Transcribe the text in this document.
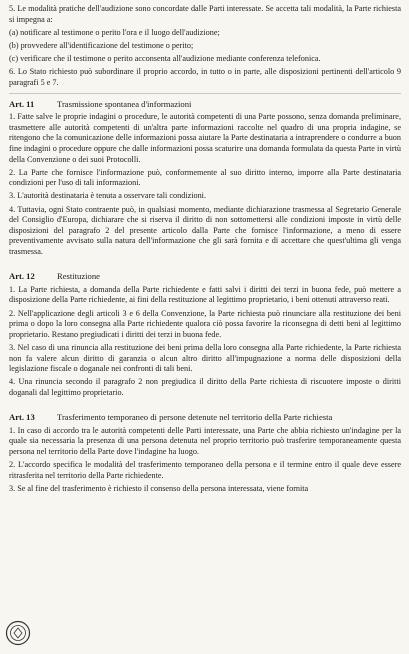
5. Le modalità pratiche dell'audizione sono concordate dalle Parti interessate. Se accetta tali modalità, la Parte richiesta si impegna a:

(a) notificare al testimone o perito l'ora e il luogo dell'audizione;

(b) provvedere all'identificazione del testimone o perito;

(c) verificare che il testimone o perito acconsenta all'audizione mediante conferenza telefonica.

6. Lo Stato richiesto può subordinare il proprio accordo, in tutto o in parte, alle disposizioni pertinenti dell'articolo 9 paragrafi 5 e 7.

Art. 11	Trasmissione spontanea d'informazioni

1. Fatte salve le proprie indagini o procedure, le autorità competenti di una Parte possono, senza domanda preliminare, trasmettere alle autorità competenti di un'altra parte informazioni raccolte nel quadro di una propria indagine, se ritengono che la comunicazione delle informazioni possa aiutare la Parte destinataria a intraprendere o condurre a buon fine indagini o procedure oppure che dalle informazioni possa scaturire una domanda formulata da questa Parte in virtù della Convenzione o dei suoi Protocolli.

2. La Parte che fornisce l'informazione può, conformemente al suo diritto interno, imporre alla Parte destinataria condizioni per l'uso di tali informazioni.

3. L'autorità destinataria è tenuta a osservare tali condizioni.

4. Tuttavia, ogni Stato contraente può, in qualsiasi momento, mediante dichiarazione trasmessa al Segretario Generale del Consiglio d'Europa, dichiarare che si riserva il diritto di non sottomettersi alle condizioni imposte in virtù delle disposizioni del paragrafo 2 del presente articolo dalla Parte che fornisce l'informazione, a meno di essere preventivamente avvisato sulla natura dell'informazione che gli sarà fornita e di accettare che quest'ultima gli venga trasmessa.

Art. 12	Restituzione

1. La Parte richiesta, a domanda della Parte richiedente e fatti salvi i diritti dei terzi in buona fede, può mettere a disposizione della Parte richiedente, ai fini della restituzione al legittimo proprietario, i beni ottenuti attraverso reati.

2. Nell'applicazione degli articoli 3 e 6 della Convenzione, la Parte richiesta può rinunciare alla restituzione dei beni prima o dopo la loro consegna alla Parte richiedente qualora ciò possa favorire la riconsegna di detti beni al legittimo proprietario. Restano pregiudicati i diritti dei terzi in buona fede.

3. Nel caso di una rinuncia alla restituzione dei beni prima della loro consegna alla Parte richiedente, la Parte richiesta non fa valere alcun diritto di garanzia o alcun altro diritto all'impugnazione a norma delle disposizioni della legislazione fiscale o doganale nei confronti di tali beni.

4. Una rinuncia secondo il paragrafo 2 non pregiudica il diritto della Parte richiesta di riscuotere imposte o diritti doganali dal legittimo proprietario.

Art. 13	Trasferimento temporaneo di persone detenute nel territorio della Parte richiesta

1. In caso di accordo tra le autorità competenti delle Parti interessate, una Parte che abbia richiesto un'indagine per la quale sia necessaria la presenza di una persona detenuta nel proprio territorio può trasferire temporaneamente questa persona nel territorio della Parte dove l'indagine ha luogo.

2. L'accordo specifica le modalità del trasferimento temporaneo della persona e il termine entro il quale deve essere ritrasferita nel territorio della Parte richiedente.

3. Se al fine del trasferimento è richiesto il consenso della persona interessata, viene fornita
